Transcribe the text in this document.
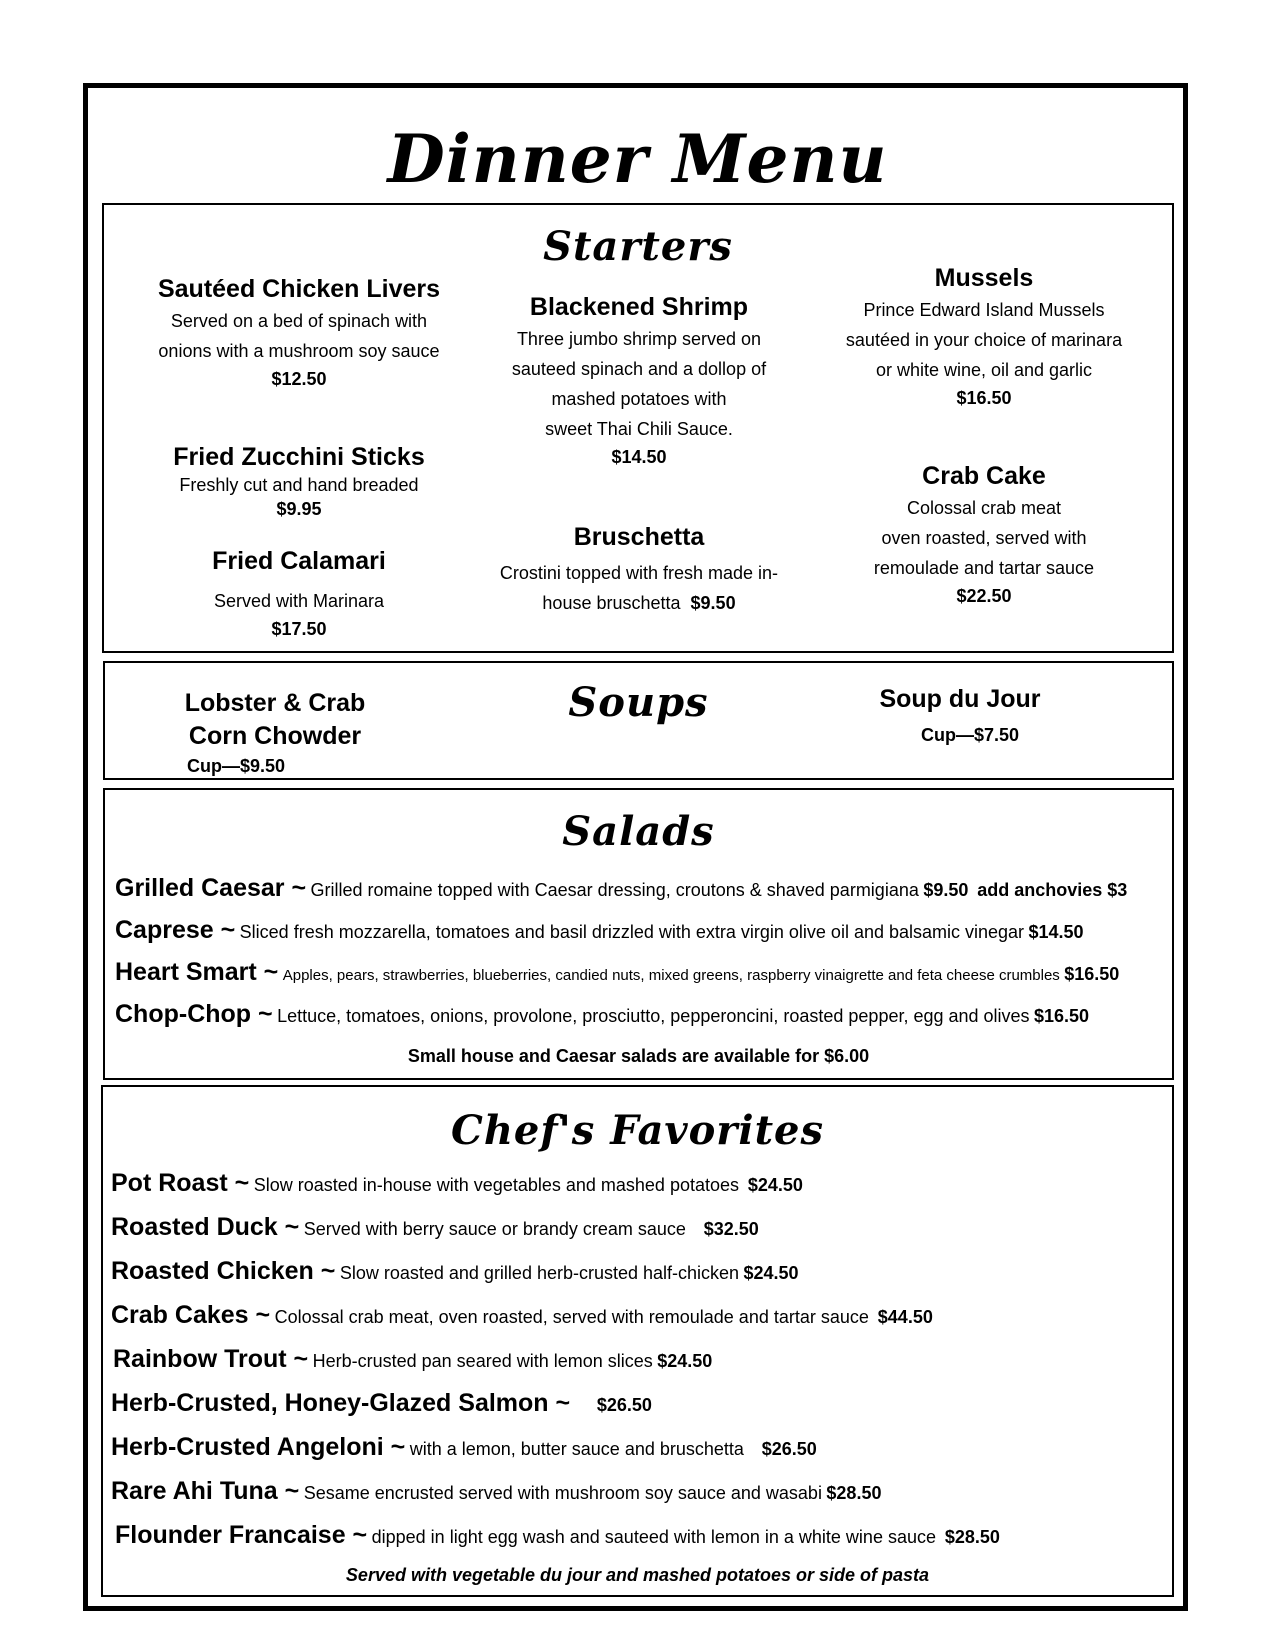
Dinner Menu
Starters
Sautéed Chicken Livers
Served on a bed of spinach with
onions with a mushroom soy sauce
$12.50
Fried Zucchini Sticks
Freshly cut and hand breaded
$9.95
Fried Calamari
Served with Marinara
$17.50
Blackened Shrimp
Three jumbo shrimp served on
sauteed spinach and a dollop of
mashed potatoes with
sweet Thai Chili Sauce.
$14.50
Bruschetta
Crostini topped with fresh made in-
house bruschetta $9.50
Mussels
Prince Edward Island Mussels
sautéed in your choice of marinara
or white wine, oil and garlic
$16.50
Crab Cake
Colossal crab meat
oven roasted, served with
remoulade and tartar sauce
$22.50
Soups
Lobster & Crab
Corn Chowder
Cup—$9.50
Soup du Jour
Cup—$7.50
Salads
Grilled Caesar ~ Grilled romaine topped with Caesar dressing, croutons & shaved parmigiana $9.50 add anchovies $3
Caprese ~ Sliced fresh mozzarella, tomatoes and basil drizzled with extra virgin olive oil and balsamic vinegar $14.50
Heart Smart ~ Apples, pears, strawberries, blueberries, candied nuts, mixed greens, raspberry vinaigrette and feta cheese crumbles $16.50
Chop-Chop ~ Lettuce, tomatoes, onions, provolone, prosciutto, pepperoncini, roasted pepper, egg and olives $16.50
Small house and Caesar salads are available for $6.00
Chef's Favorites
Pot Roast ~ Slow roasted in-house with vegetables and mashed potatoes $24.50
Roasted Duck ~ Served with berry sauce or brandy cream sauce $32.50
Roasted Chicken ~ Slow roasted and grilled herb-crusted half-chicken $24.50
Crab Cakes ~ Colossal crab meat, oven roasted, served with remoulade and tartar sauce $44.50
Rainbow Trout ~ Herb-crusted pan seared with lemon slices $24.50
Herb-Crusted, Honey-Glazed Salmon ~ $26.50
Herb-Crusted Angeloni ~ with a lemon, butter sauce and bruschetta $26.50
Rare Ahi Tuna ~ Sesame encrusted served with mushroom soy sauce and wasabi $28.50
Flounder Francaise ~ dipped in light egg wash and sauteed with lemon in a white wine sauce $28.50
Served with vegetable du jour and mashed potatoes or side of pasta
